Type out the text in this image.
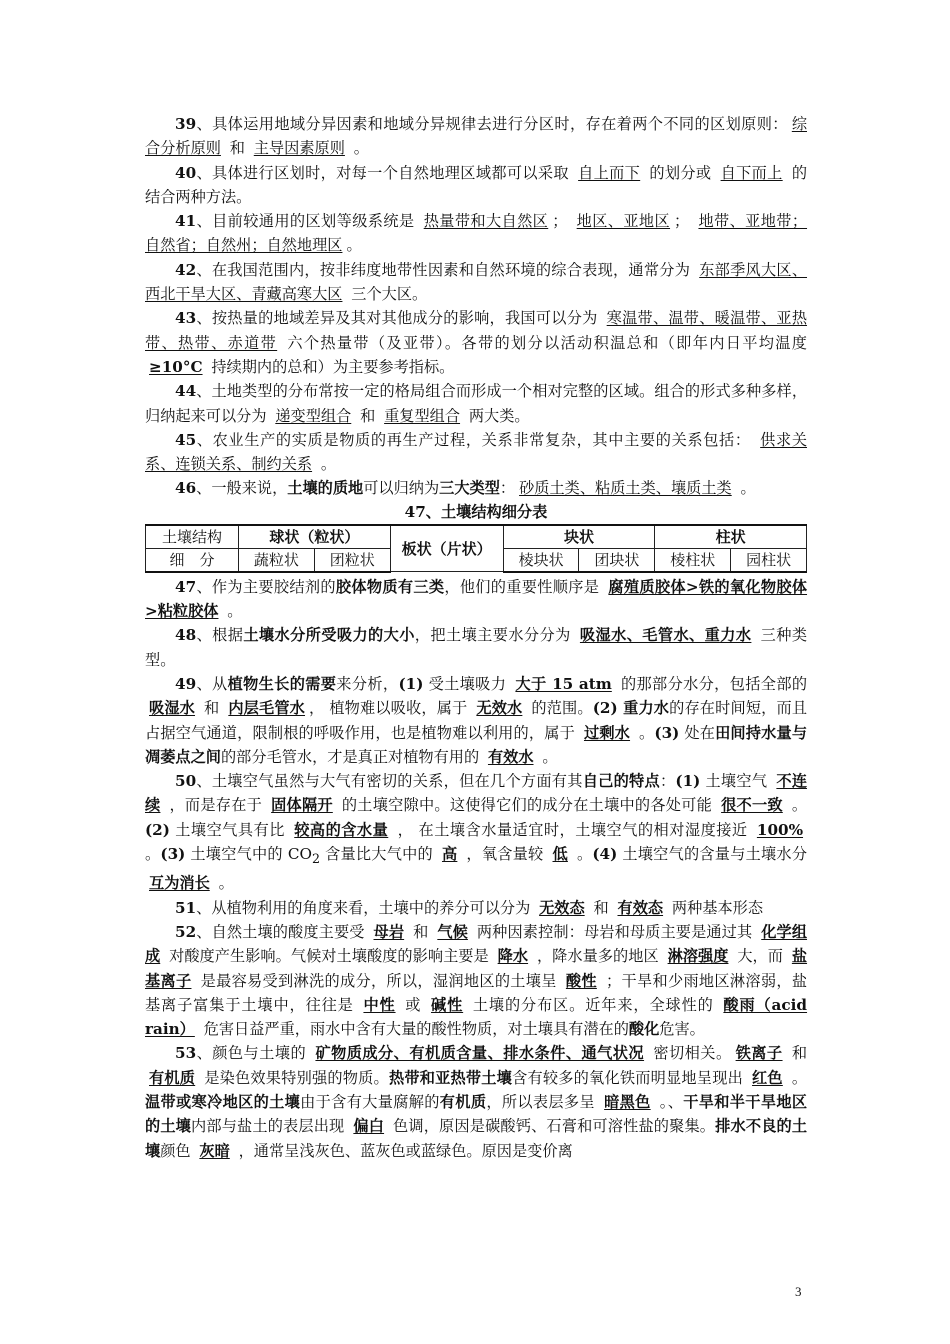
39、具体运用地域分异因素和地域分异规律去进行分区时，存在着两个不同的区划原则： 综合分析原则 和 主导因素原则 。

40、具体进行区划时，对每一个自然地理区域都可以采取 自上而下 的划分或 自下而上 的结合两种方法。

41、目前较通用的区划等级系统是 热量带和大自然区 ； 地区、亚地区 ； 地带、亚地带；自然省；自然州；自然地理区 。

42、在我国范围内，按非纬度地带性因素和自然环境的综合表现，通常分为 东部季风大区、西北干旱大区、青藏高寒大区 三个大区。

43、按热量的地域差异及其对其他成分的影响，我国可以分为 寒温带、温带、暖温带、亚热带、热带、赤道带 六个热量带（及亚带）。各带的划分以活动积温总和（即年内日平均温度 ≥10°C 持续期内的总和）为主要参考指标。

44、土地类型的分布常按一定的格局组合而形成一个相对完整的区域。组合的形式多种多样，归纳起来可以分为 递变型组合 和 重复型组合 两大类。

45、农业生产的实质是物质的再生产过程，关系非常复杂，其中主要的关系包括： 供求关系、连锁关系、制约关系 。

46、一般来说，土壤的质地可以归纳为三大类型： 砂质土类、粘质土类、壤质土类 。

47、土壤结构细分表

土壤结构	球状（粒状）		板状（片状）	块状		柱状	
细　分	蔬粒状	团粒状		棱块状	团块状	棱柱状	园柱状

47、作为主要胶结剂的胶体物质有三类，他们的重要性顺序是 腐殖质胶体>铁的氧化物胶体>粘粒胶体 。

48、根据土壤水分所受吸力的大小，把土壤主要水分分为 吸湿水、毛管水、重力水 三种类型。

49、从植物生长的需要来分析，(1) 受土壤吸力 大于 15 atm 的那部分水分，包括全部的 吸湿水 和 内层毛管水 ， 植物难以吸收，属于 无效水 的范围。(2) 重力水的存在时间短，而且占据空气通道，限制根的呼吸作用，也是植物难以利用的，属于 过剩水 。(3) 处在田间持水量与凋萎点之间的部分毛管水，才是真正对植物有用的 有效水 。

50、土壤空气虽然与大气有密切的关系，但在几个方面有其自己的特点：(1) 土壤空气 不连续 ，而是存在于 固体隔开 的土壤空隙中。这使得它们的成分在土壤中的各处可能 很不一致 。(2) 土壤空气具有比 较高的含水量 ， 在土壤含水量适宜时，土壤空气的相对湿度接近 100% 。(3) 土壤空气中的 $CO_2$ 含量比大气中的 高 ，氧含量较 低 。(4) 土壤空气的含量与土壤水分 互为消长 。

51、从植物利用的角度来看，土壤中的养分可以分为 无效态 和 有效态 两种基本形态

52、自然土壤的酸度主要受 母岩 和 气候 两种因素控制：母岩和母质主要是通过其 化学组成 对酸度产生影响。气候对土壤酸度的影响主要是 降水 ，降水量多的地区 淋溶强度 大，而 盐基离子 是最容易受到淋洗的成分，所以，湿润地区的土壤呈 酸性 ；干旱和少雨地区淋溶弱，盐基离子富集于土壤中，往往是 中性 或 碱性 土壤的分布区。近年来，全球性的 酸雨（acid rain） 危害日益严重，雨水中含有大量的酸性物质，对土壤具有潜在的酸化危害。

53、颜色与土壤的 矿物质成分、有机质含量、排水条件、通气状况 密切相关。 铁离子 和 有机质 是染色效果特别强的物质。热带和亚热带土壤含有较多的氧化铁而明显地呈现出 红色 。温带或寒冷地区的土壤由于含有大量腐解的有机质，所以表层多呈 暗黑色 。、干旱和半干旱地区的土壤内部与盐土的表层出现 偏白 色调，原因是碳酸钙、石膏和可溶性盐的聚集。排水不良的土壤颜色 灰暗 ，通常呈浅灰色、蓝灰色或蓝绿色。原因是变价离

3
